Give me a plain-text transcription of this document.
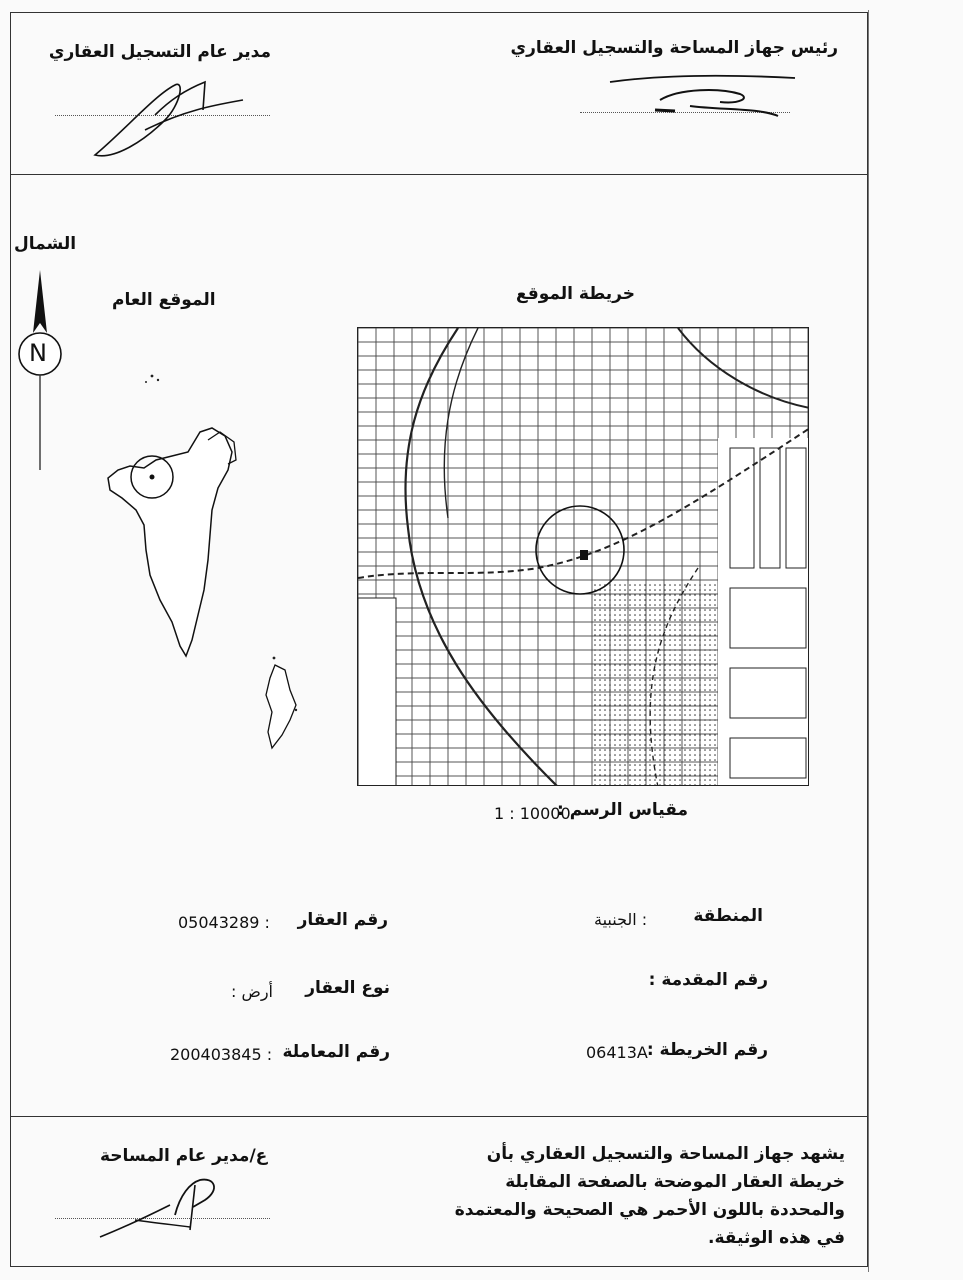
رئيس جهاز المساحة والتسجيل العقاري
مدير عام التسجيل العقاري
الشمال
N
الموقع العام	خريطة الموقع
مقياس الرسم :
1 : 10000
المنطقة
: الجنبية
رقم المقدمة :
رقم الخريطة :
06413A
رقم العقار
05043289 :
نوع العقار
أرض :
رقم المعاملة
200403845 :
يشهد جهاز المساحة والتسجيل العقاري بأن خريطة العقار الموضحة بالصفحة المقابلة والمحددة باللون الأحمر هي الصحيحة والمعتمدة في هذه الوثيقة.
ع/مدير عام المساحة
